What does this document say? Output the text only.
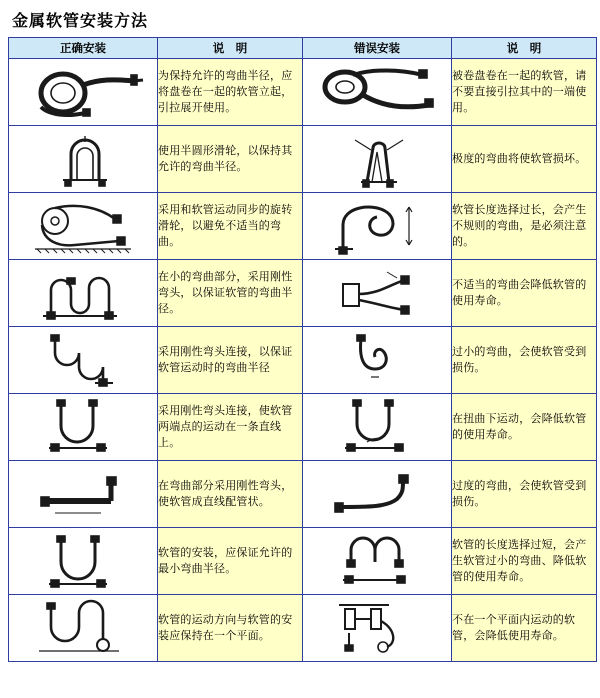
金属软管安装方法
正确安装	说　明	错误安装	说　明

	为保持允许的弯曲半径，应将盘卷在一起的软管立起，引拉展开使用。		被卷盘卷在一起的软管，请不要直接引拉其中的一端使用。

	使用半圆形滑轮，以保持其允许的弯曲半径。		极度的弯曲将使软管损坏。

	采用和软管运动同步的旋转滑轮，以避免不适当的弯曲。		软管长度选择过长，会产生不规则的弯曲，是必须注意的。

	在小的弯曲部分，采用刚性弯头，以保证软管的弯曲半径。		不适当的弯曲会降低软管的使用寿命。

	采用刚性弯头连接，以保证软管运动时的弯曲半径		过小的弯曲，会使软管受到损伤。

	采用刚性弯头连接，使软管两端点的运动在一条直线上。		在扭曲下运动，会降低软管的使用寿命。

	在弯曲部分采用刚性弯头，使软管成直线配管状。		过度的弯曲，会使软管受到损伤。

	软管的安装，应保证允许的最小弯曲半径。		软管的长度选择过短，会产生软管过小的弯曲、降低软管的使用寿命。

	软管的运动方向与软管的安装应保持在一个平面。		不在一个平面内运动的软管，会降低使用寿命。
